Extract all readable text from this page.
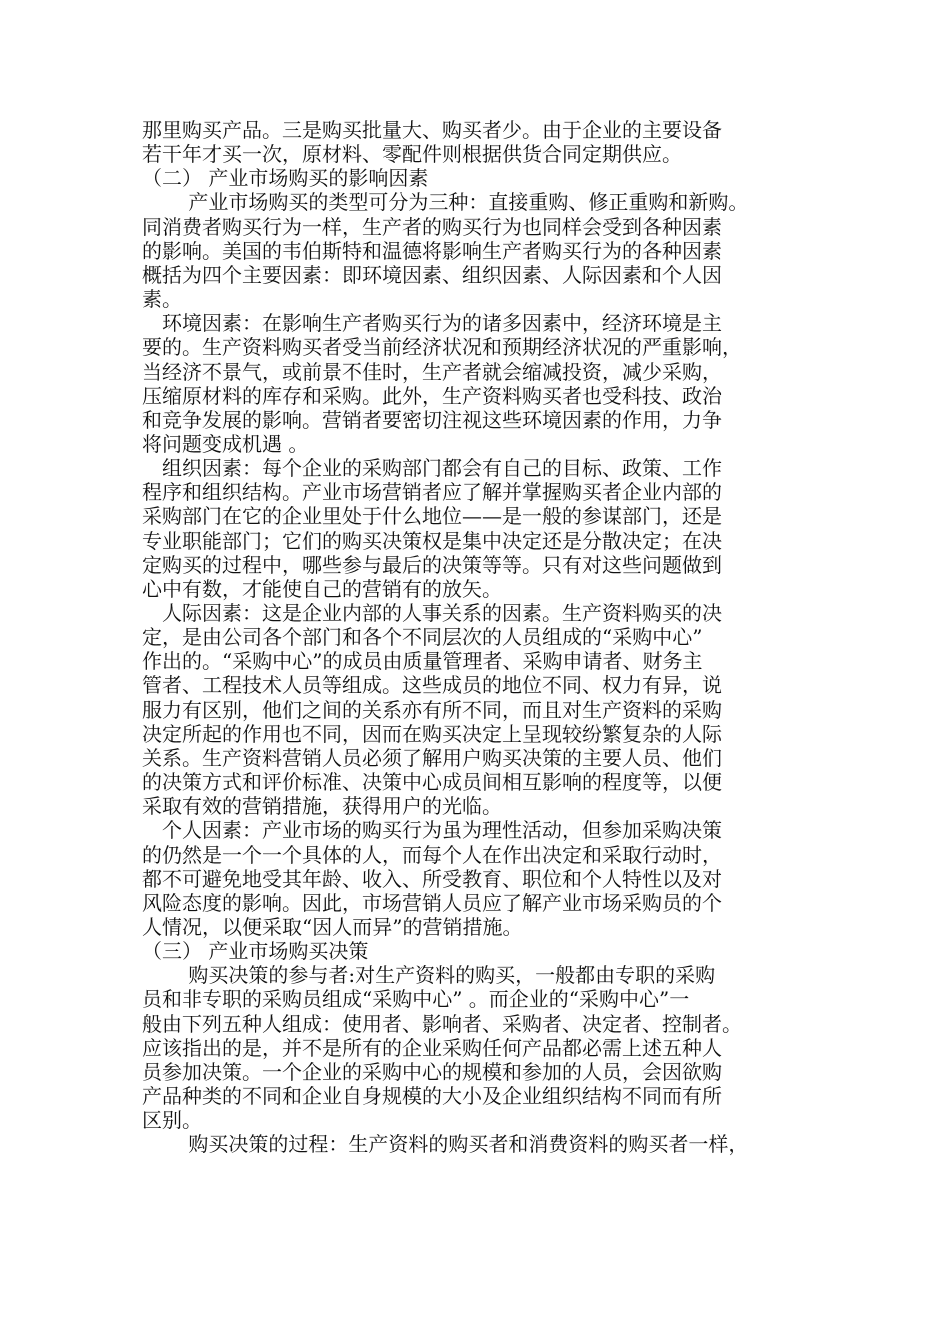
那里购买产品。三是购买批量大、购买者少。由于企业的主要设备
若干年才买一次，原材料、零配件则根据供货合同定期供应。
（二） 产业市场购买的影响因素
　　 产业市场购买的类型可分为三种：直接重购、修正重购和新购。
同消费者购买行为一样，生产者的购买行为也同样会受到各种因素
的影响。美国的韦伯斯特和温德将影响生产者购买行为的各种因素
概括为四个主要因素：即环境因素、组织因素、人际因素和个人因
素。
　环境因素：在影响生产者购买行为的诸多因素中，经济环境是主
要的。生产资料购买者受当前经济状况和预期经济状况的严重影响，
当经济不景气，或前景不佳时，生产者就会缩减投资，减少采购，
压缩原材料的库存和采购。此外，生产资料购买者也受科技、政治
和竞争发展的影响。营销者要密切注视这些环境因素的作用，力争
将问题变成机遇 。
　组织因素：每个企业的采购部门都会有自己的目标、政策、工作
程序和组织结构。产业市场营销者应了解并掌握购买者企业内部的
采购部门在它的企业里处于什么地位——是一般的参谋部门，还是
专业职能部门；它们的购买决策权是集中决定还是分散决定；在决
定购买的过程中，哪些参与最后的决策等等。只有对这些问题做到
心中有数，才能使自己的营销有的放矢。
　人际因素：这是企业内部的人事关系的因素。生产资料购买的决
定，是由公司各个部门和各个不同层次的人员组成的“采购中心”
作出的。“采购中心”的成员由质量管理者、采购申请者、财务主
管者、工程技术人员等组成。这些成员的地位不同、权力有异，说
服力有区别，他们之间的关系亦有所不同，而且对生产资料的采购
决定所起的作用也不同，因而在购买决定上呈现较纷繁复杂的人际
关系。生产资料营销人员必须了解用户购买决策的主要人员、他们
的决策方式和评价标准、决策中心成员间相互影响的程度等，以便
采取有效的营销措施，获得用户的光临。
　个人因素：产业市场的购买行为虽为理性活动，但参加采购决策
的仍然是一个一个具体的人，而每个人在作出决定和采取行动时，
都不可避免地受其年龄、收入、所受教育、职位和个人特性以及对
风险态度的影响。因此，市场营销人员应了解产业市场采购员的个
人情况，以便采取“因人而异”的营销措施。
（三） 产业市场购买决策
　　 购买决策的参与者:对生产资料的购买，一般都由专职的采购
员和非专职的采购员组成“采购中心” 。而企业的“采购中心”一
般由下列五种人组成：使用者、影响者、采购者、决定者、控制者。
应该指出的是，并不是所有的企业采购任何产品都必需上述五种人
员参加决策。一个企业的采购中心的规模和参加的人员，会因欲购
产品种类的不同和企业自身规模的大小及企业组织结构不同而有所
区别。
　　 购买决策的过程：生产资料的购买者和消费资料的购买者一样，
